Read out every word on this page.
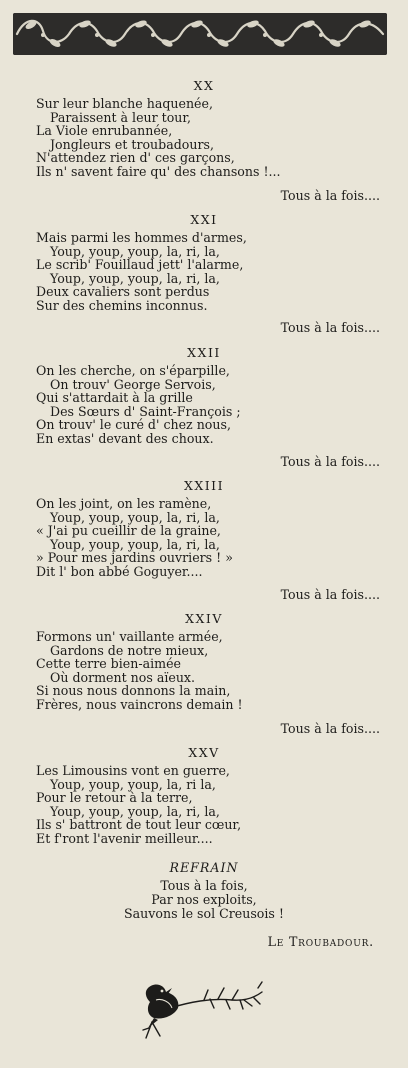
XX

Sur leur blanche haquenée,

Paraissent à leur tour,

La Viole enrubannée,

Jongleurs et troubadours,

N'attendez rien d' ces garçons,

Ils n' savent faire qu' des chansons !...

Tous à la fois....

XXI

Mais parmi les hommes d'armes,

Youp, youp, youp, la, ri, la,

Le scrib' Fouillaud jett' l'alarme,

Youp, youp, youp, la, ri, la,

Deux cavaliers sont perdus

Sur des chemins inconnus.

Tous à la fois....

XXII

On les cherche, on s'éparpille,

On trouv' George Servois,

Qui s'attardait à la grille

Des Sœurs d' Saint-François ;

On trouv' le curé d' chez nous,

En extas' devant des choux.

Tous à la fois....

XXIII

On les joint, on les ramène,

Youp, youp, youp, la, ri, la,

« J'ai pu cueillir de la graine,

Youp, youp, youp, la, ri, la,

» Pour mes jardins ouvriers ! »

Dit l' bon abbé Goguyer....

Tous à la fois....

XXIV

Formons un' vaillante armée,

Gardons de notre mieux,

Cette terre bien-aimée

Où dorment nos aïeux.

Si nous nous donnons la main,

Frères, nous vaincrons demain !

Tous à la fois....

XXV

Les Limousins vont en guerre,

Youp, youp, youp, la, ri la,

Pour le retour à la terre,

Youp, youp, youp, la, ri, la,

Ils s' battront de tout leur cœur,

Et f'ront l'avenir meilleur....

REFRAIN

Tous à la fois,

Par nos exploits,

Sauvons le sol Creusois !

Le Troubadour.
